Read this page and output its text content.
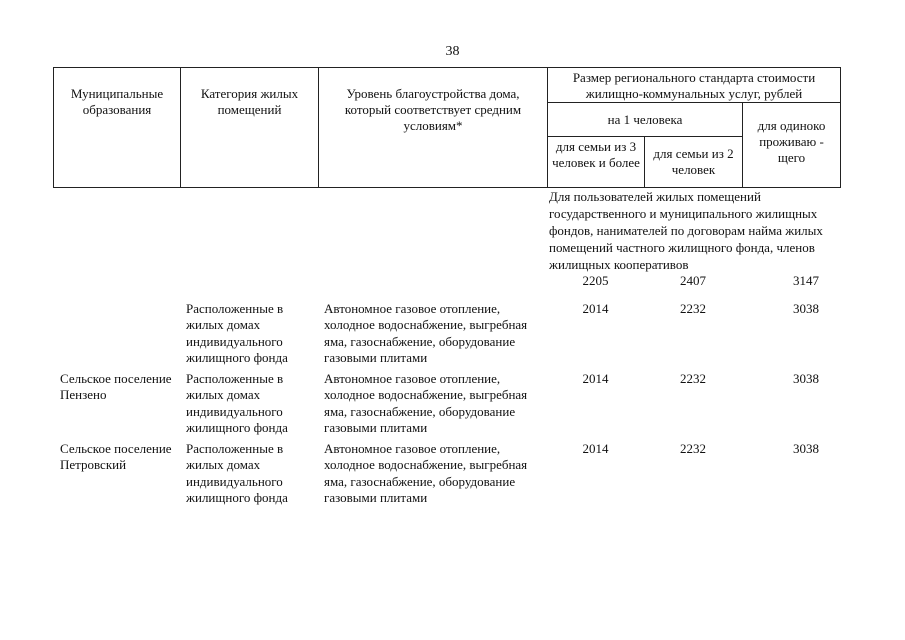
38
Муниципальные образования	Категория жилых помещений	Уровень благоустройства дома, который соответствует средним условиям*	Размер регионального стандарта стоимости жилищно-коммунальных услуг, рублей		
			на 1 человека		для одиноко проживаю - щего
			для семьи из 3 человек и более	для семьи из 2 человек	
			Для пользователей жилых помещений государственного и муниципального жилищных фондов, нанимателей по договорам найма жилых помещений частного жилищного фонда, членов жилищных кооперативов		
			2205	2407	3147
	Расположенные в жилых домах индивидуального жилищного фонда	Автономное газовое отопление, холодное водоснабжение, выгребная яма, газоснабжение, оборудование газовыми плитами	2014	2232	3038
Сельское поселение Пензено	Расположенные в жилых домах индивидуального жилищного фонда	Автономное газовое отопление, холодное водоснабжение, выгребная яма, газоснабжение, оборудование газовыми плитами	2014	2232	3038
Сельское поселение Петровский	Расположенные в жилых домах индивидуального жилищного фонда	Автономное газовое отопление, холодное водоснабжение, выгребная яма, газоснабжение, оборудование газовыми плитами	2014	2232	3038
